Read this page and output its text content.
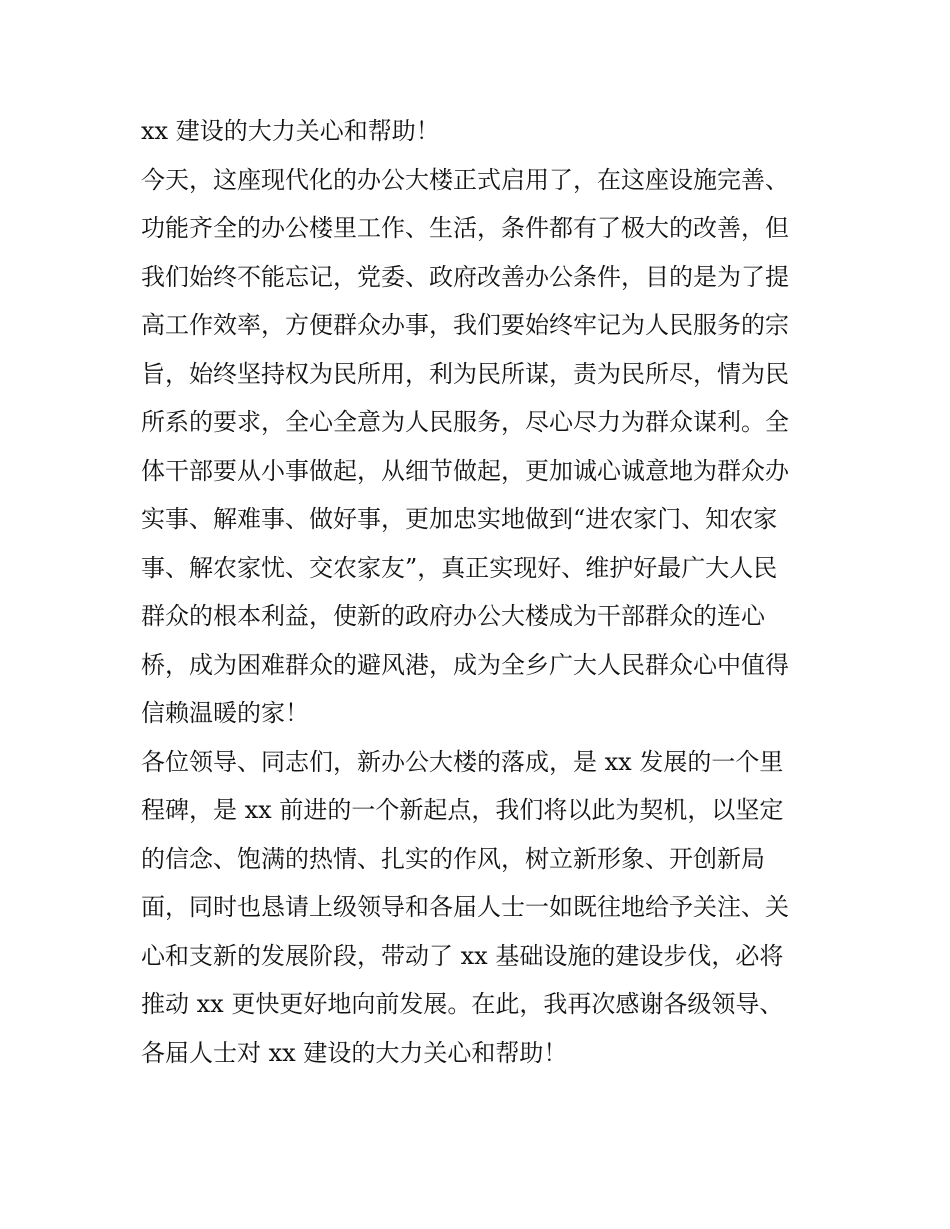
xx 建设的大力关心和帮助！
今天，这座现代化的办公大楼正式启用了，在这座设施完善、
功能齐全的办公楼里工作、生活，条件都有了极大的改善，但
我们始终不能忘记，党委、政府改善办公条件，目的是为了提
高工作效率，方便群众办事，我们要始终牢记为人民服务的宗
旨，始终坚持权为民所用，利为民所谋，责为民所尽，情为民
所系的要求，全心全意为人民服务，尽心尽力为群众谋利。全
体干部要从小事做起，从细节做起，更加诚心诚意地为群众办
实事、解难事、做好事，更加忠实地做到“进农家门、知农家
事、解农家忧、交农家友”，真正实现好、维护好最广大人民
群众的根本利益，使新的政府办公大楼成为干部群众的连心
桥，成为困难群众的避风港，成为全乡广大人民群众心中值得
信赖温暖的家！
各位领导、同志们，新办公大楼的落成，是 xx 发展的一个里
程碑，是 xx 前进的一个新起点，我们将以此为契机，以坚定
的信念、饱满的热情、扎实的作风，树立新形象、开创新局
面，同时也恳请上级领导和各届人士一如既往地给予关注、关
心和支新的发展阶段，带动了 xx 基础设施的建设步伐，必将
推动 xx 更快更好地向前发展。在此，我再次感谢各级领导、
各届人士对 xx 建设的大力关心和帮助！
